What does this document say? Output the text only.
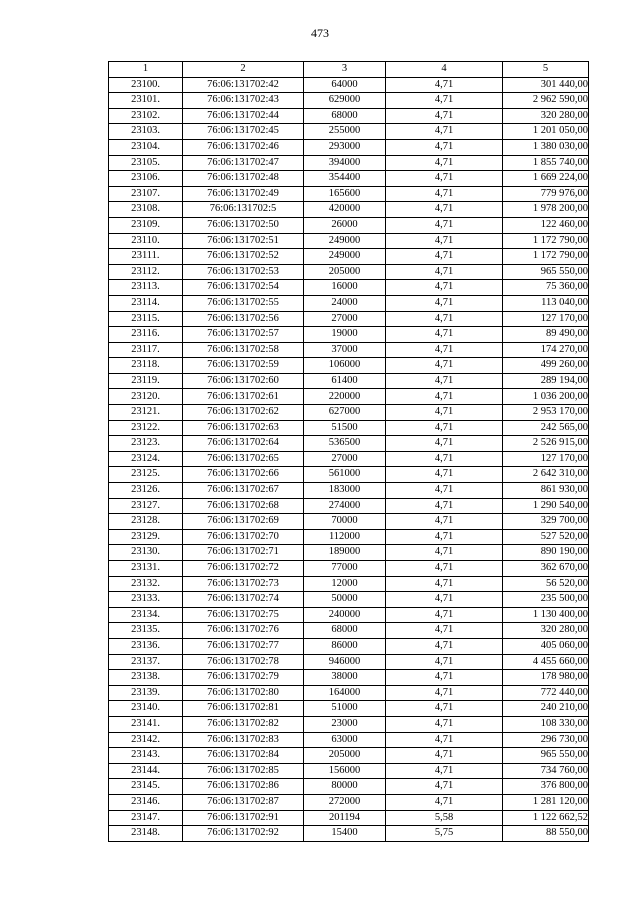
473
1	2	3	4	5
23100.	76:06:131702:42	64000	4,71	301 440,00
23101.	76:06:131702:43	629000	4,71	2 962 590,00
23102.	76:06:131702:44	68000	4,71	320 280,00
23103.	76:06:131702:45	255000	4,71	1 201 050,00
23104.	76:06:131702:46	293000	4,71	1 380 030,00
23105.	76:06:131702:47	394000	4,71	1 855 740,00
23106.	76:06:131702:48	354400	4,71	1 669 224,00
23107.	76:06:131702:49	165600	4,71	779 976,00
23108.	76:06:131702:5	420000	4,71	1 978 200,00
23109.	76:06:131702:50	26000	4,71	122 460,00
23110.	76:06:131702:51	249000	4,71	1 172 790,00
23111.	76:06:131702:52	249000	4,71	1 172 790,00
23112.	76:06:131702:53	205000	4,71	965 550,00
23113.	76:06:131702:54	16000	4,71	75 360,00
23114.	76:06:131702:55	24000	4,71	113 040,00
23115.	76:06:131702:56	27000	4,71	127 170,00
23116.	76:06:131702:57	19000	4,71	89 490,00
23117.	76:06:131702:58	37000	4,71	174 270,00
23118.	76:06:131702:59	106000	4,71	499 260,00
23119.	76:06:131702:60	61400	4,71	289 194,00
23120.	76:06:131702:61	220000	4,71	1 036 200,00
23121.	76:06:131702:62	627000	4,71	2 953 170,00
23122.	76:06:131702:63	51500	4,71	242 565,00
23123.	76:06:131702:64	536500	4,71	2 526 915,00
23124.	76:06:131702:65	27000	4,71	127 170,00
23125.	76:06:131702:66	561000	4,71	2 642 310,00
23126.	76:06:131702:67	183000	4,71	861 930,00
23127.	76:06:131702:68	274000	4,71	1 290 540,00
23128.	76:06:131702:69	70000	4,71	329 700,00
23129.	76:06:131702:70	112000	4,71	527 520,00
23130.	76:06:131702:71	189000	4,71	890 190,00
23131.	76:06:131702:72	77000	4,71	362 670,00
23132.	76:06:131702:73	12000	4,71	56 520,00
23133.	76:06:131702:74	50000	4,71	235 500,00
23134.	76:06:131702:75	240000	4,71	1 130 400,00
23135.	76:06:131702:76	68000	4,71	320 280,00
23136.	76:06:131702:77	86000	4,71	405 060,00
23137.	76:06:131702:78	946000	4,71	4 455 660,00
23138.	76:06:131702:79	38000	4,71	178 980,00
23139.	76:06:131702:80	164000	4,71	772 440,00
23140.	76:06:131702:81	51000	4,71	240 210,00
23141.	76:06:131702:82	23000	4,71	108 330,00
23142.	76:06:131702:83	63000	4,71	296 730,00
23143.	76:06:131702:84	205000	4,71	965 550,00
23144.	76:06:131702:85	156000	4,71	734 760,00
23145.	76:06:131702:86	80000	4,71	376 800,00
23146.	76:06:131702:87	272000	4,71	1 281 120,00
23147.	76:06:131702:91	201194	5,58	1 122 662,52
23148.	76:06:131702:92	15400	5,75	88 550,00
